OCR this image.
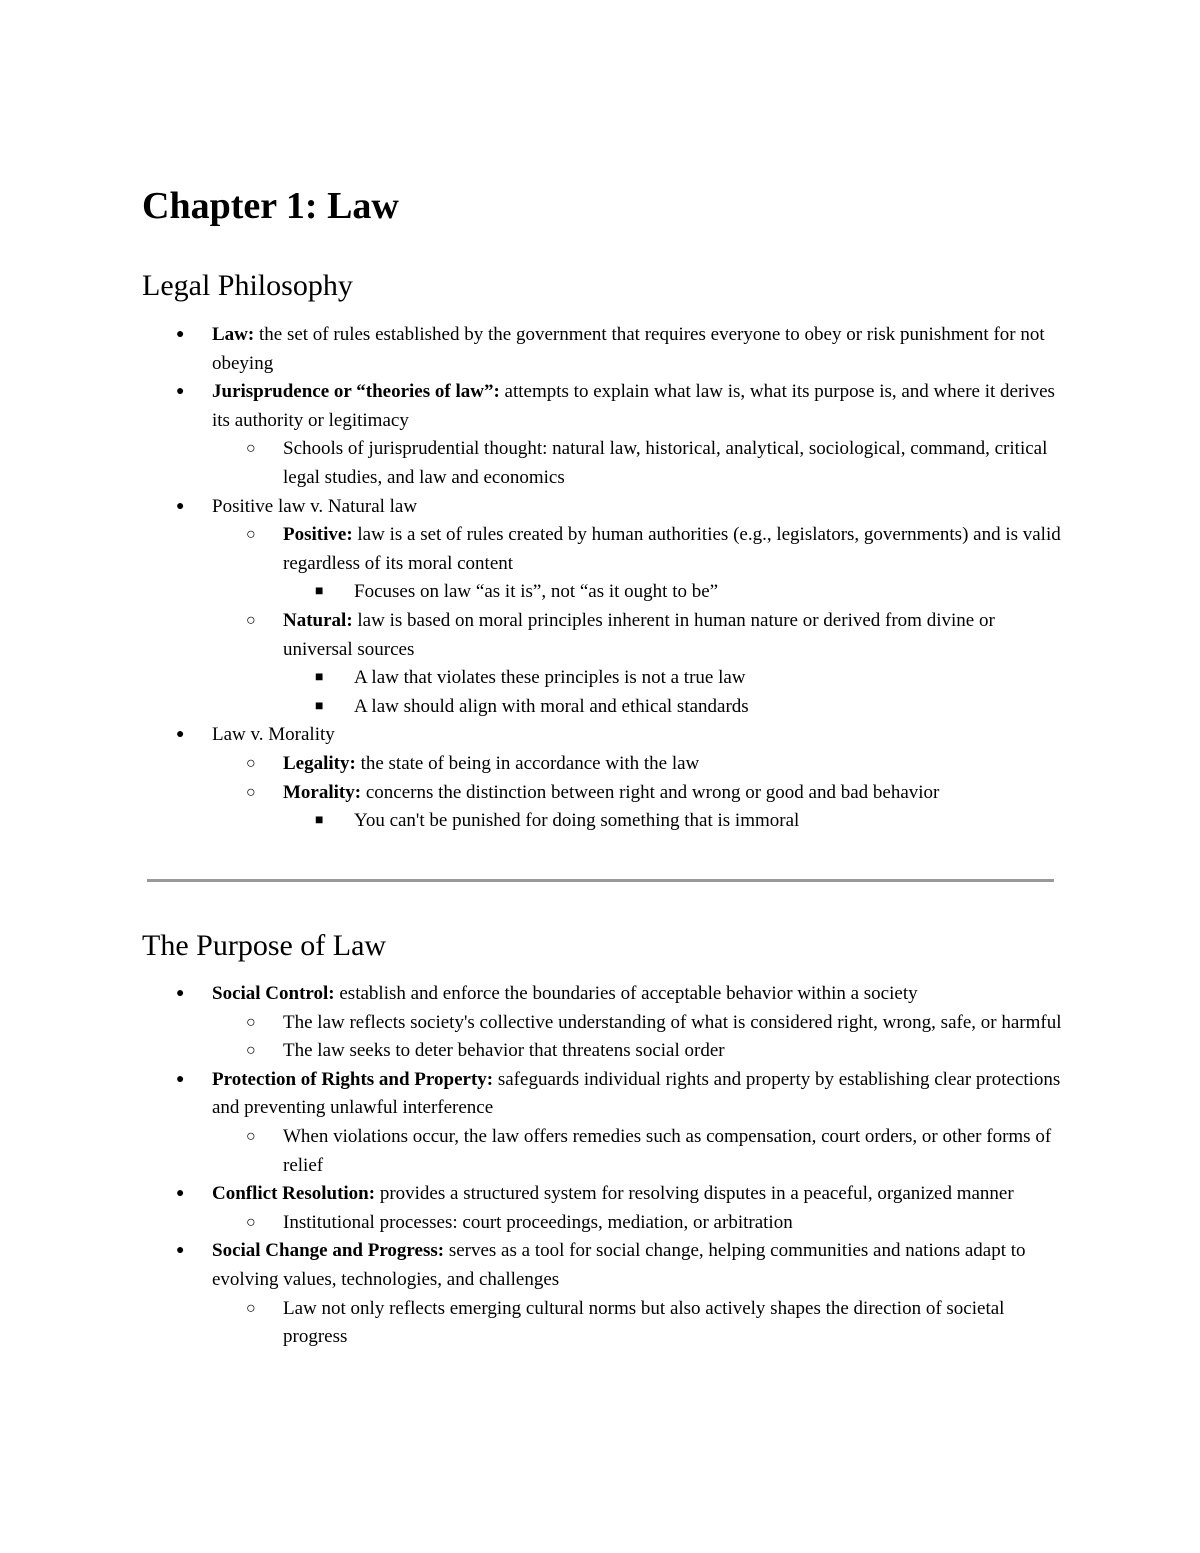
Chapter 1: Law
Legal Philosophy
● Law: the set of rules established by the government that requires everyone to obey or risk punishment for not obeying
● Jurisprudence or “theories of law”: attempts to explain what law is, what its purpose is, and where it derives its authority or legitimacy
○ Schools of jurisprudential thought: natural law, historical, analytical, sociological, command, critical legal studies, and law and economics
● Positive law v. Natural law
○ Positive: law is a set of rules created by human authorities (e.g., legislators, governments) and is valid regardless of its moral content
■ Focuses on law “as it is”, not “as it ought to be”
○ Natural: law is based on moral principles inherent in human nature or derived from divine or universal sources
■ A law that violates these principles is not a true law
■ A law should align with moral and ethical standards
● Law v. Morality
○ Legality: the state of being in accordance with the law
○ Morality: concerns the distinction between right and wrong or good and bad behavior
■ You can't be punished for doing something that is immoral
The Purpose of Law
● Social Control: establish and enforce the boundaries of acceptable behavior within a society
○ The law reflects society's collective understanding of what is considered right, wrong, safe, or harmful
○ The law seeks to deter behavior that threatens social order
● Protection of Rights and Property: safeguards individual rights and property by establishing clear protections and preventing unlawful interference
○ When violations occur, the law offers remedies such as compensation, court orders, or other forms of relief
● Conflict Resolution: provides a structured system for resolving disputes in a peaceful, organized manner
○ Institutional processes: court proceedings, mediation, or arbitration
● Social Change and Progress: serves as a tool for social change, helping communities and nations adapt to evolving values, technologies, and challenges
○ Law not only reflects emerging cultural norms but also actively shapes the direction of societal progress
